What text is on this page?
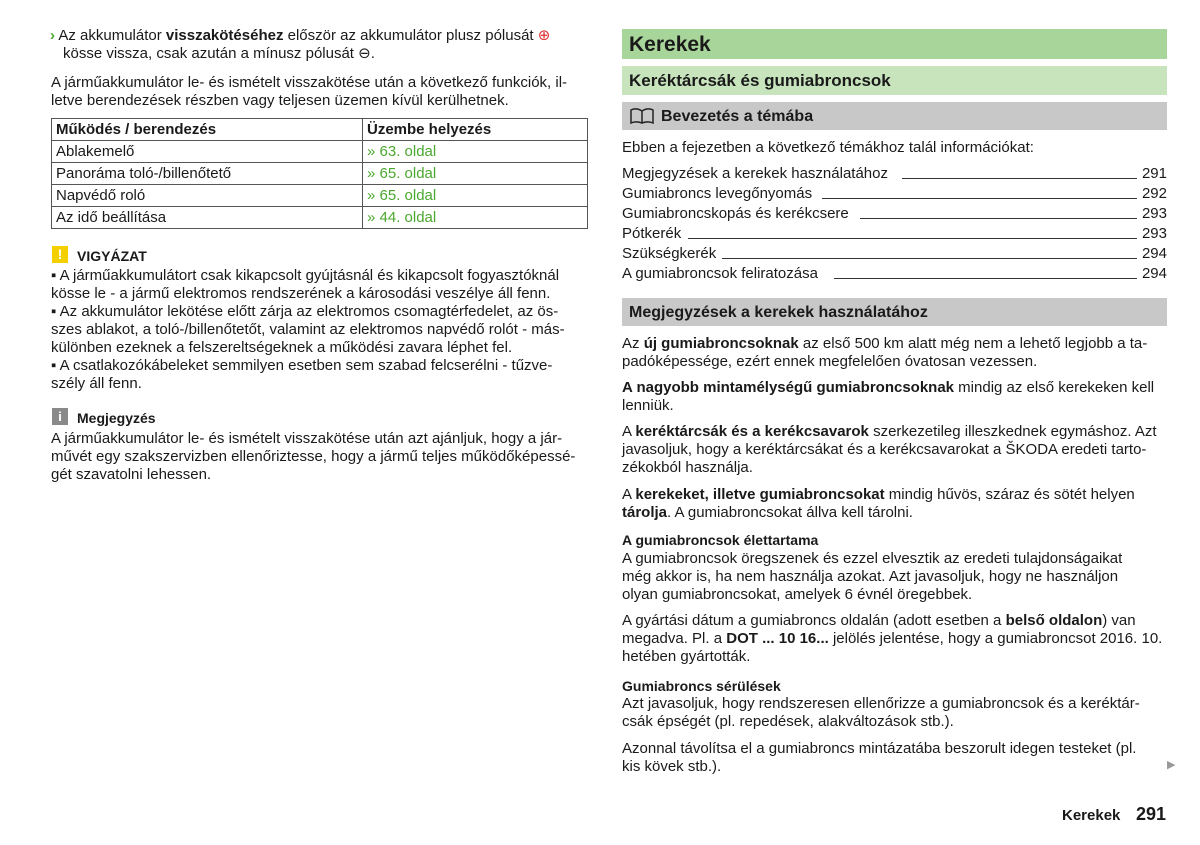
› Az akkumulátor visszakötéséhez először az akkumulátor plusz pólusát ⊕
kösse vissza, csak azután a mínusz pólusát ⊖.

A járműakkumulátor le- és ismételt visszakötése után a következő funkciók, il-
letve berendezések részben vagy teljesen üzemen kívül kerülhetnek.

Működés / berendezés	Üzembe helyezés
Ablakemelő	» 63. oldal
Panoráma toló-/billenőtető	» 65. oldal
Napvédő roló	» 65. oldal
Az idő beállítása	» 44. oldal
!	VIGYÁZAT

▪ A járműakkumulátort csak kikapcsolt gyújtásnál és kikapcsolt fogyasztóknál
kösse le - a jármű elektromos rendszerének a károsodási veszélye áll fenn.
▪ Az akkumulátor lekötése előtt zárja az elektromos csomagtérfedelet, az ös-
szes ablakot, a toló-/billenőtetőt, valamint az elektromos napvédő rolót - más-
különben ezeknek a felszereltségeknek a működési zavara léphet fel.
▪ A csatlakozókábeleket semmilyen esetben sem szabad felcserélni - tűzve-
szély áll fenn.
i	Megjegyzés

A járműakkumulátor le- és ismételt visszakötése után azt ajánljuk, hogy a jár-
művét egy szakszervizben ellenőriztesse, hogy a jármű teljes működőképessé-
gét szavatolni lehessen.
Kerekek
Keréktárcsák és gumiabroncsok
Bevezetés a témába

Ebben a fejezetben a következő témákhoz talál információkat:

Megjegyzések a kerekek használatához	291
Gumiabroncs levegőnyomás	292
Gumiabroncskopás és kerékcsere	293
Pótkerék	293
Szükségkerék	294
A gumiabroncsok feliratozása	294
Megjegyzések a kerekek használatához

Az új gumiabroncsoknak az első 500 km alatt még nem a lehető legjobb a ta-
padóképessége, ezért ennek megfelelően óvatosan vezessen.

A nagyobb mintamélységű gumiabroncsoknak mindig az első kerekeken kell
lenniük.

A keréktárcsák és a kerékcsavarok szerkezetileg illeszkednek egymáshoz. Azt
javasoljuk, hogy a keréktárcsákat és a kerékcsavarokat a ŠKODA eredeti tarto-
zékokból használja.

A kerekeket, illetve gumiabroncsokat mindig hűvös, száraz és sötét helyen
tárolja. A gumiabroncsokat állva kell tárolni.

A gumiabroncsok élettartama

A gumiabroncsok öregszenek és ezzel elvesztik az eredeti tulajdonságaikat
még akkor is, ha nem használja azokat. Azt javasoljuk, hogy ne használjon
olyan gumiabroncsokat, amelyek 6 évnél öregebbek.

A gyártási dátum a gumiabroncs oldalán (adott esetben a belső oldalon) van
megadva. Pl. a DOT ... 10 16... jelölés jelentése, hogy a gumiabroncsot 2016. 10.
hetében gyártották.

Gumiabroncs sérülések

Azt javasoljuk, hogy rendszeresen ellenőrizze a gumiabroncsok és a keréktár-
csák épségét (pl. repedések, alakváltozások stb.).
Azonnal távolítsa el a gumiabroncs mintázatába beszorult idegen testeket (pl.
kis kövek stb.).	▶
Kerekek 291
